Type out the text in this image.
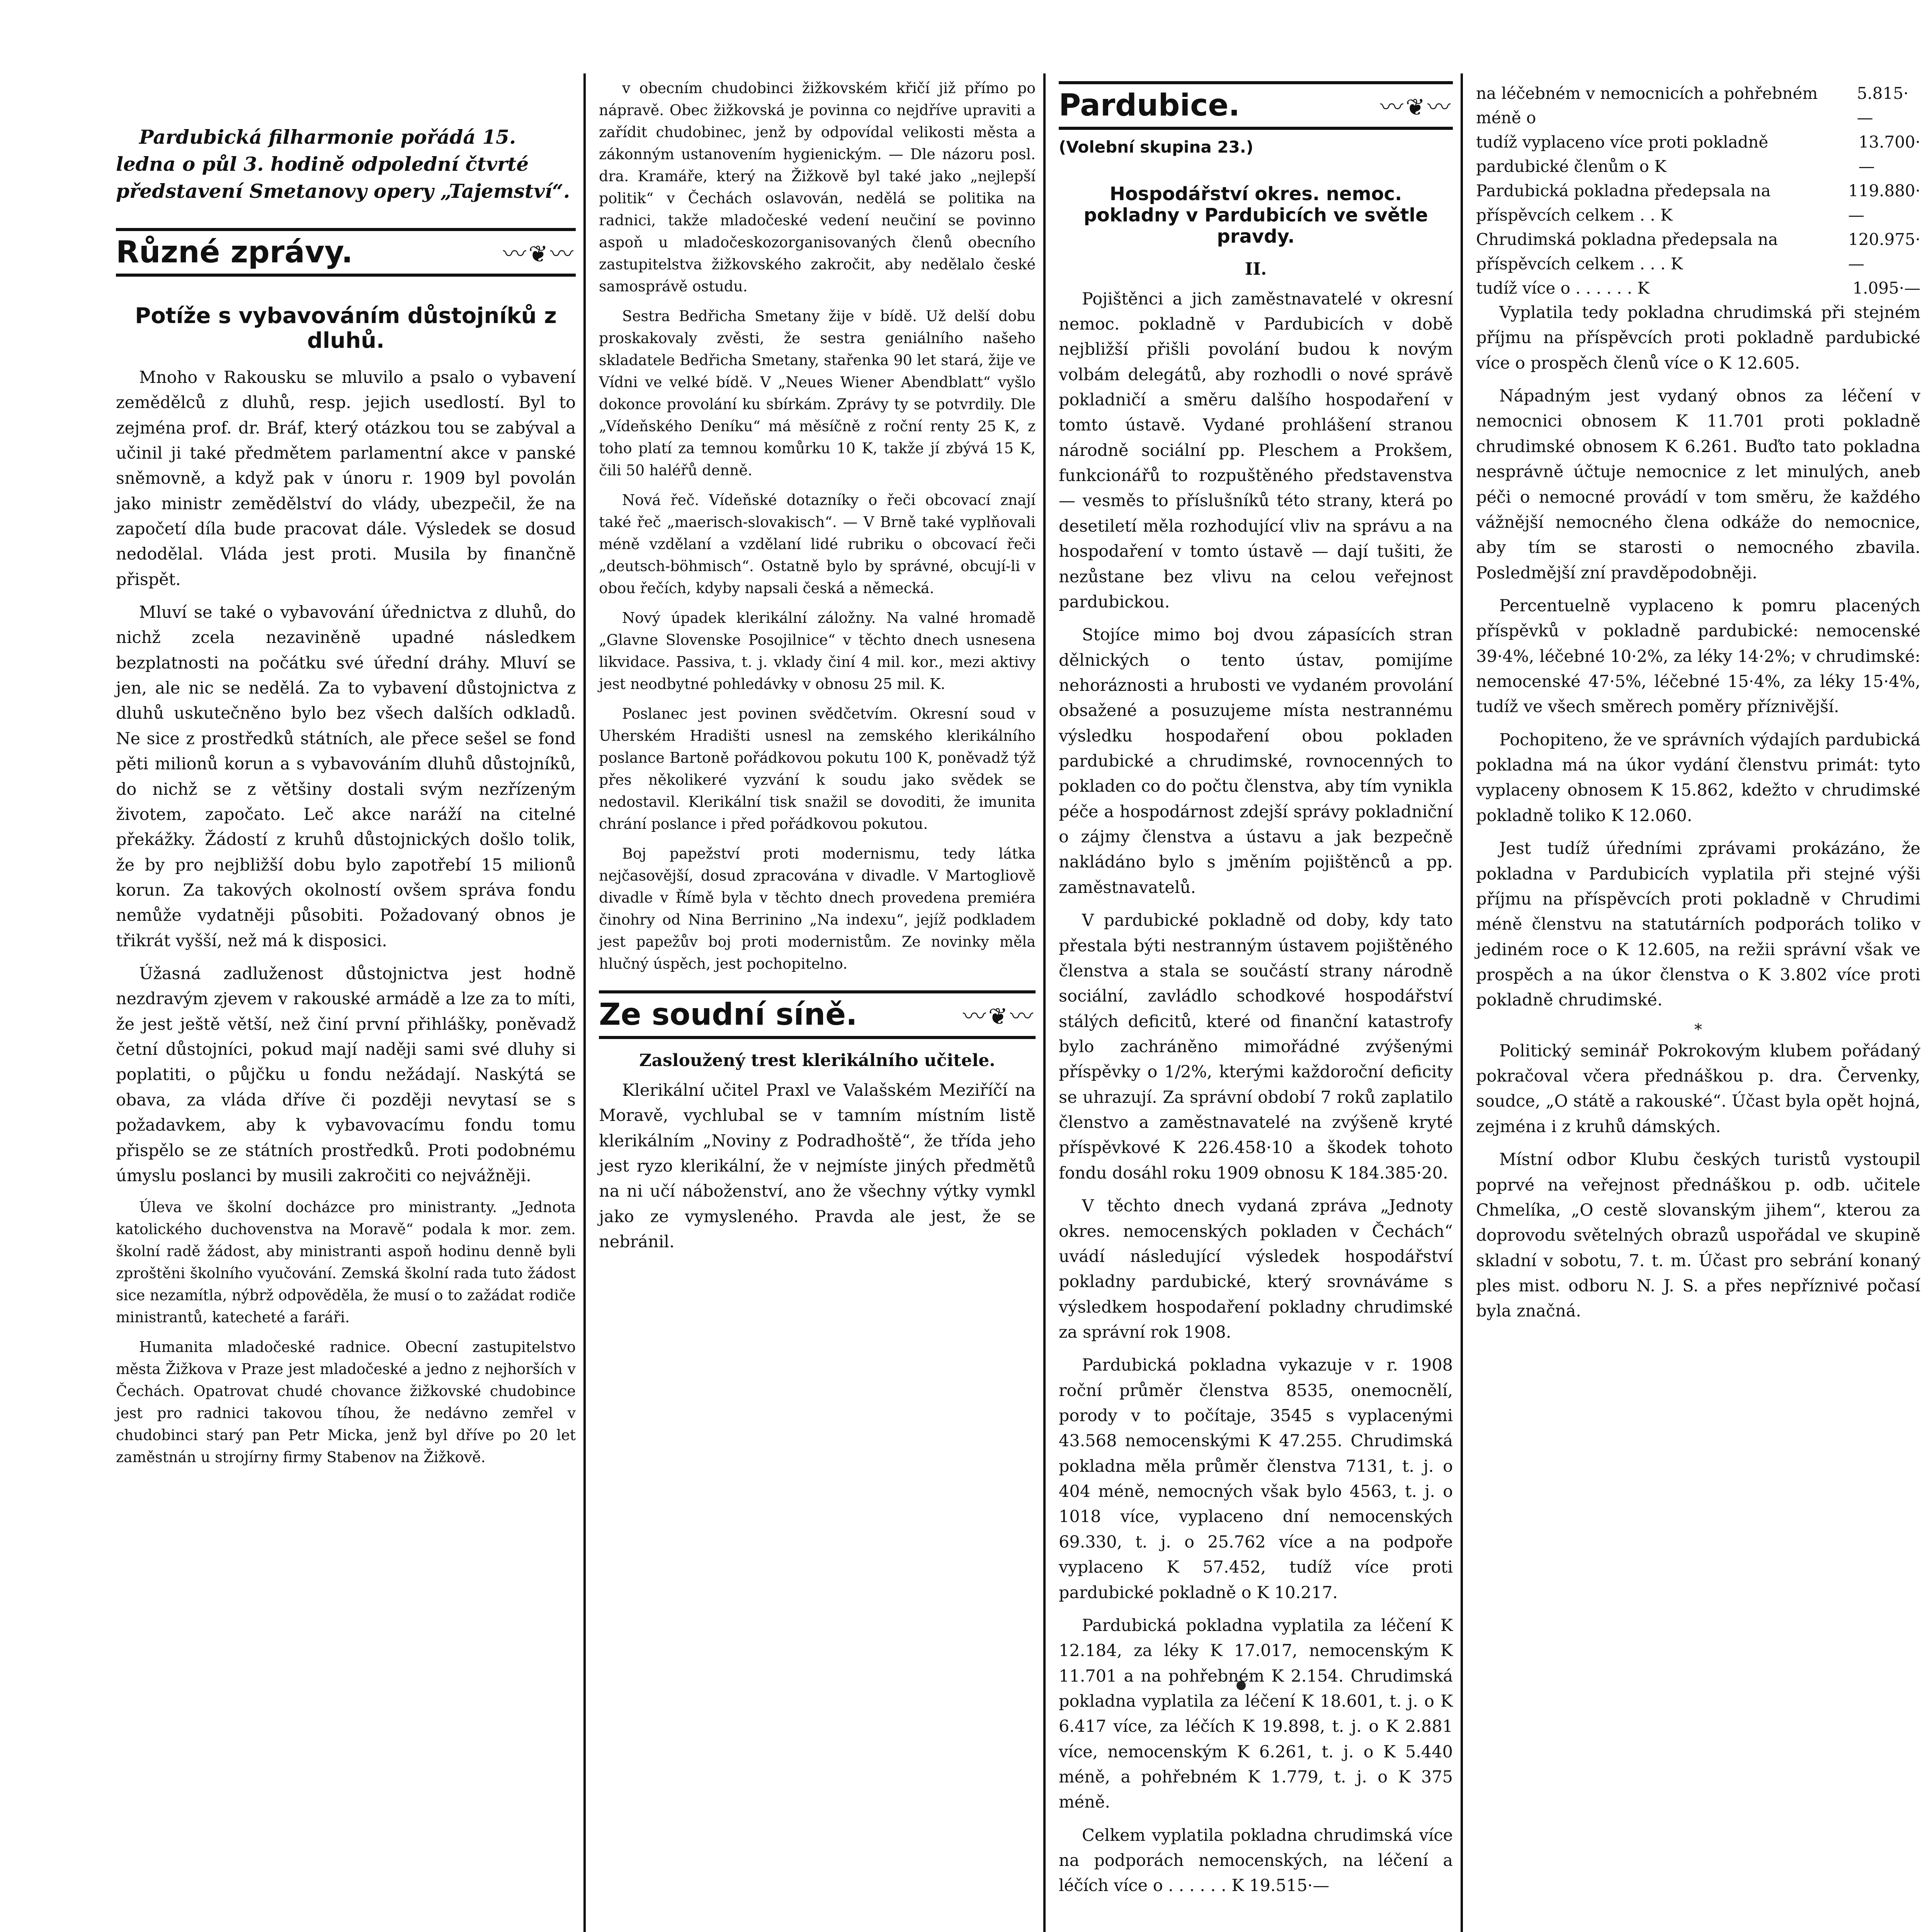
Pardubická filharmonie pořádá 15. ledna o půl 3. hodině odpolední čtvrté představení Smetanovy opery „Tajemství“.
Různé zprávy.	〰❦〰
Potíže s vybavováním důstojníků z dluhů.

Mnoho v Rakousku se mluvilo a psalo o vybavení zemědělců z dluhů, resp. jejich usedlostí. Byl to zejména prof. dr. Bráf, který otázkou tou se zabýval a učinil ji také předmětem parlamentní akce v panské sněmovně, a když pak v únoru r. 1909 byl povolán jako ministr zemědělství do vlády, ubezpečil, že na započetí díla bude pracovat dále. Výsledek se dosud nedodělal. Vláda jest proti. Musila by finančně přispět.

Mluví se také o vybavování úřednictva z dluhů, do nichž zcela nezaviněně upadné následkem bezplatnosti na počátku své úřední dráhy. Mluví se jen, ale nic se nedělá. Za to vybavení důstojnictva z dluhů uskutečněno bylo bez všech dalších odkladů. Ne sice z prostředků státních, ale přece sešel se fond pěti milionů korun a s vybavováním dluhů důstojníků, do nichž se z většiny dostali svým nezřízeným životem, započato. Leč akce naráží na citelné překážky. Žádostí z kruhů důstojnických došlo tolik, že by pro nejbližší dobu bylo zapotřebí 15 milionů korun. Za takových okolností ovšem správa fondu nemůže vydatněji působiti. Požadovaný obnos je třikrát vyšší, než má k disposici.

Úžasná zadluženost důstojnictva jest hodně nezdravým zjevem v rakouské armádě a lze za to míti, že jest ještě větší, než činí první přihlášky, poněvadž četní důstojníci, pokud mají naději sami své dluhy si poplatiti, o půjčku u fondu nežádají. Naskýtá se obava, za vláda dříve či později nevytasí se s požadavkem, aby k vybavovacímu fondu tomu přispělo se ze státních prostředků. Proti podobnému úmyslu poslanci by musili zakročiti co nejvážněji.

Úleva ve školní docházce pro ministranty. „Jednota katolického duchovenstva na Moravě“ podala k mor. zem. školní radě žádost, aby ministranti aspoň hodinu denně byli zproštěni školního vyučování. Zemská školní rada tuto žádost sice nezamítla, nýbrž odpověděla, že musí o to zažádat rodiče ministrantů, katecheté a faráři.

Humanita mladočeské radnice. Obecní zastupitelstvo města Žižkova v Praze jest mladočeské a jedno z nejhorších v Čechách. Opatrovat chudé chovance žižkovské chudobince jest pro radnici takovou tíhou, že nedávno zemřel v chudobinci starý pan Petr Micka, jenž byl dříve po 20 let zaměstnán u strojírny firmy Stabenov na Žižkově.

v obecním chudobinci žižkovském křičí již přímo po nápravě. Obec žižkovská je povinna co nejdříve upraviti a zařídit chudobinec, jenž by odpovídal velikosti města a zákonným ustanovením hygienickým. — Dle názoru posl. dra. Kramáře, který na Žižkově byl také jako „nejlepší politik“ v Čechách oslavován, nedělá se politika na radnici, takže mladočeské vedení neučiní se povinno aspoň u mladočeskozorganisovaných členů obecního zastupitelstva žižkovského zakročit, aby nedělalo české samosprávě ostudu.

Sestra Bedřicha Smetany žije v bídě. Už delší dobu proskakovaly zvěsti, že sestra geniálního našeho skladatele Bedřicha Smetany, stařenka 90 let stará, žije ve Vídni ve velké bídě. V „Neues Wiener Abendblatt“ vyšlo dokonce provolání ku sbírkám. Zprávy ty se potvrdily. Dle „Vídeňského Deníku“ má měsíčně z roční renty 25 K, z toho platí za temnou komůrku 10 K, takže jí zbývá 15 K, čili 50 haléřů denně.

Nová řeč. Vídeňské dotazníky o řeči obcovací znají také řeč „maerisch-slovakisch“. — V Brně také vyplňovali méně vzdělaní a vzdělaní lidé rubriku o obcovací řeči „deutsch-böhmisch“. Ostatně bylo by správné, obcují-li v obou řečích, kdyby napsali česká a německá.

Nový úpadek klerikální záložny. Na valné hromadě „Glavne Slovenske Posojilnice“ v těchto dnech usnesena likvidace. Passiva, t. j. vklady činí 4 mil. kor., mezi aktivy jest neodbytné pohledávky v obnosu 25 mil. K.

Poslanec jest povinen svědčetvím. Okresní soud v Uherském Hradišti usnesl na zemského klerikálního poslance Bartoně pořádkovou pokutu 100 K, poněvadž týž přes několikeré vyzvání k soudu jako svědek se nedostavil. Klerikální tisk snažil se dovoditi, že imunita chrání poslance i před pořádkovou pokutou.

Boj papežství proti modernismu, tedy látka nejčasovější, dosud zpracována v divadle. V Martogliově divadle v Římě byla v těchto dnech provedena premiéra činohry od Nina Berrinino „Na indexu“, jejíž podkladem jest papežův boj proti modernistům. Ze novinky měla hlučný úspěch, jest pochopitelno.

Ze soudní síně.	〰❦〰
Zasloužený trest klerikálního učitele.

Klerikální učitel Praxl ve Valašském Meziříčí na Moravě, vychlubal se v tamním místním listě klerikálním „Noviny z Podradhoště“, že třída jeho jest ryzo klerikální, že v nejmíste jiných předmětů na ni učí náboženství, ano že všechny výtky vymkl jako ze vymysleného. Pravda ale jest, že se nebránil.

Pardubice.	〰❦〰
(Volební skupina 23.)
Hospodářství okres. nemoc. pokladny v Pardubicích ve světle pravdy.
II.

Pojištěnci a jich zaměstnavatelé v okresní nemoc. pokladně v Pardubicích v době nejbližší přišli povolání budou k novým volbám delegátů, aby rozhodli o nové správě pokladničí a směru dalšího hospodaření v tomto ústavě. Vydané prohlášení stranou národně sociální pp. Pleschem a Prokšem, funkcionářů to rozpuštěného představenstva — vesměs to příslušníků této strany, která po desetiletí měla rozhodující vliv na správu a na hospodaření v tomto ústavě — dají tušiti, že nezůstane bez vlivu na celou veřejnost pardubickou.

Stojíce mimo boj dvou zápasících stran dělnických o tento ústav, pomijíme nehoráznosti a hrubosti ve vydaném provolání obsažené a posuzujeme místa nestrannému výsledku hospodaření obou pokladen pardubické a chrudimské, rovnocenných to pokladen co do počtu členstva, aby tím vynikla péče a hospodárnost zdejší správy pokladniční o zájmy členstva a ústavu a jak bezpečně nakládáno bylo s jměním pojištěnců a pp. zaměstnavatelů.

V pardubické pokladně od doby, kdy tato přestala býti nestranným ústavem pojištěného členstva a stala se součástí strany národně sociální, zavládlo schodkové hospodářství stálých deficitů, které od finanční katastrofy bylo zachráněno mimořádné zvýšenými příspěvky o 1/2%, kterými každoroční deficity se uhrazují. Za správní období 7 roků zaplatilo členstvo a zaměstnavatelé na zvýšeně kryté příspěvkové K 226.458·10 a škodek tohoto fondu dosáhl roku 1909 obnosu K 184.385·20.

V těchto dnech vydaná zpráva „Jednoty okres. nemocenských pokladen v Čechách“ uvádí následující výsledek hospodářství pokladny pardubické, který srovnáváme s výsledkem hospodaření pokladny chrudimské za správní rok 1908.

Pardubická pokladna vykazuje v r. 1908 roční průměr členstva 8535, onemocnělí, porody v to počítaje, 3545 s vyplacenými 43.568 nemocenskými K 47.255. Chrudimská pokladna měla průměr členstva 7131, t. j. o 404 méně, nemocných však bylo 4563, t. j. o 1018 více, vyplaceno dní nemocenských 69.330, t. j. o 25.762 více a na podpoře vyplaceno K 57.452, tudíž více proti pardubické pokladně o K 10.217.

Pardubická pokladna vyplatila za léčení K 12.184, za léky K 17.017, nemocenským K 11.701 a na pohřebném K 2.154. Chrudimská pokladna vyplatila za léčení K 18.601, t. j. o K 6.417 více, za léčích K 19.898, t. j. o K 2.881 více, nemocenským K 6.261, t. j. o K 5.440 méně, a pohřebném K 1.779, t. j. o K 375 méně.

Celkem vyplatila pokladna chrudimská více na podporách nemocenských, na léčení a léčích více o . . . . . . K 19.515·—

na léčebném v nemocnicích a pohřebném méně o
5.815·—
tudíž vyplaceno více proti pokladně pardubické členům o K
13.700·—
Pardubická pokladna předepsala na příspěvcích celkem . . K
119.880·—
Chrudimská pokladna předepsala na příspěvcích celkem . . . K
120.975·—
tudíž více o . . . . . . K	1.095·—

Vyplatila tedy pokladna chrudimská při stejném příjmu na příspěvcích proti pokladně pardubické více o prospěch členů více o K 12.605.

Nápadným jest vydaný obnos za léčení v nemocnici obnosem K 11.701 proti pokladně chrudimské obnosem K 6.261. Buďto tato pokladna nesprávně účtuje nemocnice z let minulých, aneb péči o nemocné provádí v tom směru, že každého vážnější nemocného člena odkáže do nemocnice, aby tím se starosti o nemocného zbavila. Posledmější zní pravděpodobněji.

Percentuelně vyplaceno k pomru placených příspěvků v pokladně pardubické: nemocenské 39·4%, léčebné 10·2%, za léky 14·2%; v chrudimské: nemocenské 47·5%, léčebné 15·4%, za léky 15·4%, tudíž ve všech směrech poměry příznivější.

Pochopiteno, že ve správních výdajích pardubická pokladna má na úkor vydání členstvu primát: tyto vyplaceny obnosem K 15.862, kdežto v chrudimské pokladně toliko K 12.060.

Jest tudíž úředními zprávami prokázáno, že pokladna v Pardubicích vyplatila při stejné výši příjmu na příspěvcích proti pokladně v Chrudimi méně členstvu na statutárních podporách toliko v jediném roce o K 12.605, na režii správní však ve prospěch a na úkor členstva o K 3.802 více proti pokladně chrudimské.

*

Politický seminář Pokrokovým klubem pořádaný pokračoval včera přednáškou p. dra. Červenky, soudce, „O státě a rakouské“. Účast byla opět hojná, zejména i z kruhů dámských.

Místní odbor Klubu českých turistů vystoupil poprvé na veřejnost přednáškou p. odb. učitele Chmelíka, „O cestě slovanským jihem“, kterou za doprovodu světelných obrazů uspořádal ve skupině skladní v sobotu, 7. t. m. Účast pro sebrání konaný ples mist. odboru N. J. S. a přes nepříznivé počasí byla značná.
